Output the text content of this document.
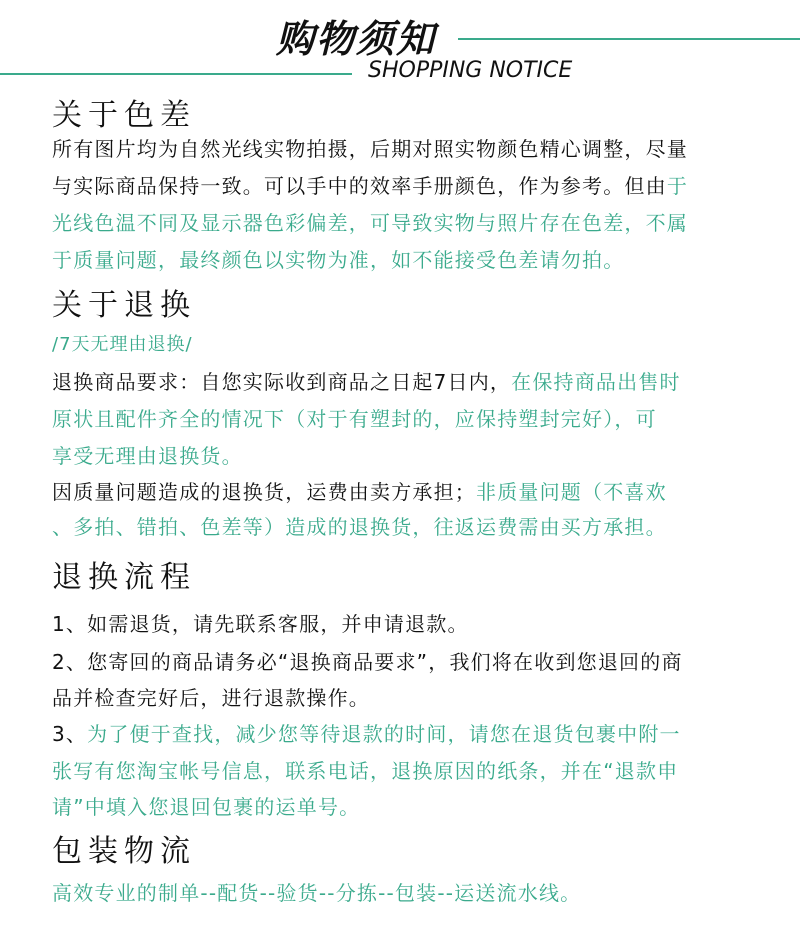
购物须知
SHOPPING NOTICE
关于色差
所有图片均为自然光线实物拍摄，后期对照实物颜色精心调整，尽量
与实际商品保持一致。可以手中的效率手册颜色，作为参考。但由于
光线色温不同及显示器色彩偏差，可导致实物与照片存在色差，不属
于质量问题，最终颜色以实物为准，如不能接受色差请勿拍。
关于退换
/7天无理由退换/
退换商品要求：自您实际收到商品之日起7日内，在保持商品出售时
原状且配件齐全的情况下（对于有塑封的，应保持塑封完好），可
享受无理由退换货。
因质量问题造成的退换货，运费由卖方承担；非质量问题（不喜欢
、多拍、错拍、色差等）造成的退换货，往返运费需由买方承担。
退换流程
1、如需退货，请先联系客服，并申请退款。
2、您寄回的商品请务必“退换商品要求”，我们将在收到您退回的商
品并检查完好后，进行退款操作。
3、为了便于查找，减少您等待退款的时间，请您在退货包裹中附一
张写有您淘宝帐号信息，联系电话，退换原因的纸条，并在“退款申
请”中填入您退回包裹的运单号。
包装物流
高效专业的制单--配货--验货--分拣--包装--运送流水线。
